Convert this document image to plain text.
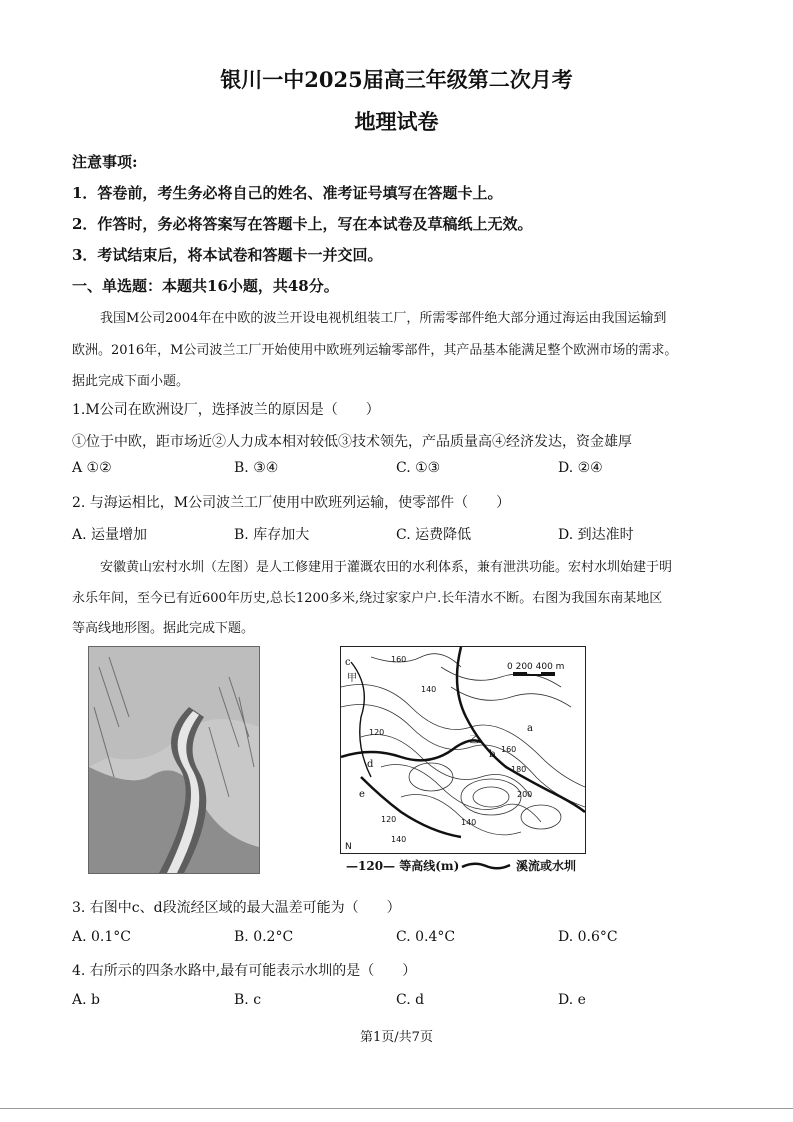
银川一中2025届高三年级第二次月考
地理试卷
注意事项:
1．答卷前，考生务必将自己的姓名、准考证号填写在答题卡上。
2．作答时，务必将答案写在答题卡上，写在本试卷及草稿纸上无效。
3．考试结束后，将本试卷和答题卡一并交回。
一、单选题：本题共16小题，共48分。
我国M公司2004年在中欧的波兰开设电视机组装工厂，所需零部件绝大部分通过海运由我国运输到
欧洲。2016年，M公司波兰工厂开始使用中欧班列运输零部件，其产品基本能满足整个欧洲市场的需求。
据此完成下面小题。
1.M公司在欧洲设厂，选择波兰的原因是（　　）
①位于中欧，距市场近②人力成本相对较低③技术领先，产品质量高④经济发达，资金雄厚
A ①②	B. ③④	C. ①③	D. ②④
2. 与海运相比，M公司波兰工厂使用中欧班列运输，使零部件（　　）
A. 运量增加	B. 库存加大	C. 运费降低	D. 到达准时
安徽黄山宏村水圳（左图）是人工修建用于灌溉农田的水利体系，兼有泄洪功能。宏村水圳始建于明
永乐年间，至今已有近600年历史,总长1200多米,绕过家家户户.长年清水不断。右图为我国东南某地区
等高线地形图。据此完成下题。
0 200 400 m
160
140
120
160
180
200
140
120	140
甲
a
b
c
d
e
乙
N
—120— 等高线(m)	溪流或水圳
3. 右图中c、d段流经区域的最大温差可能为（　　）
A. 0.1°C	B. 0.2°C	C. 0.4°C	D. 0.6°C
4. 右所示的四条水路中,最有可能表示水圳的是（　　）
A. b	B. c	C. d	D. e
第1页/共7页
